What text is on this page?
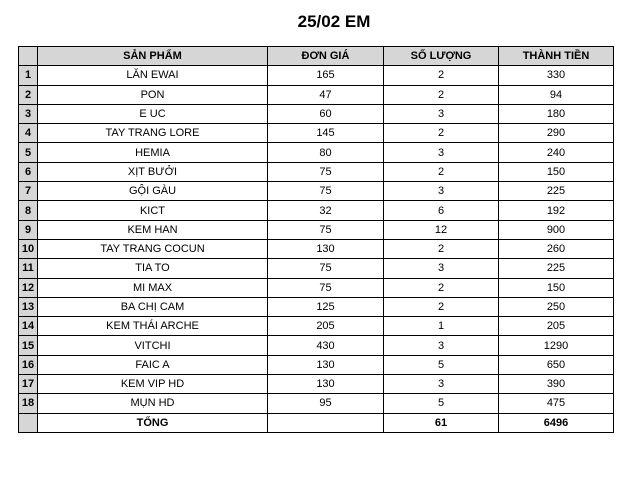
25/02 EM
	SẢN PHẨM	ĐƠN GIÁ	SỐ LƯỢNG	THÀNH TIỀN
1	LĂN EWAI	165	2	330
2	PON	47	2	94
3	E UC	60	3	180
4	TAY TRANG LORE	145	2	290
5	HEMIA	80	3	240
6	XỊT BƯỞI	75	2	150
7	GỘI GÀU	75	3	225
8	KICT	32	6	192
9	KEM HAN	75	12	900
10	TAY TRANG COCUN	130	2	260
11	TIA TO	75	3	225
12	MI MAX	75	2	150
13	BA CHỊ CAM	125	2	250
14	KEM THÁI ARCHE	205	1	205
15	VITCHI	430	3	1290
16	FAIC A	130	5	650
17	KEM VIP HD	130	3	390
18	MỤN HD	95	5	475
	TỔNG		61	6496
